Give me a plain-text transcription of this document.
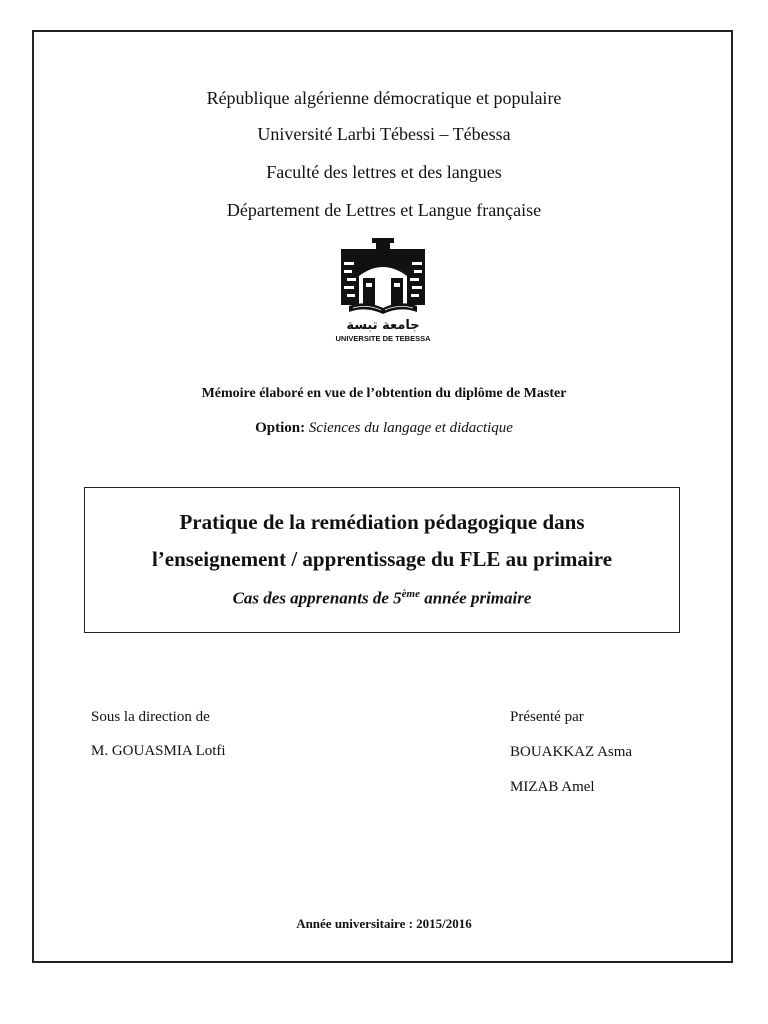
République algérienne démocratique et populaire
Université Larbi Tébessi – Tébessa
Faculté des lettres et des langues
Département de Lettres et Langue française
جامعة تبسة
UNIVERSITE DE TEBESSA
Mémoire élaboré en vue de l’obtention du diplôme de Master
Option: Sciences du langage et didactique
Pratique de la remédiation pédagogique dans
l’enseignement / apprentissage du FLE au primaire
Cas des apprenants de 5ème année primaire
Sous la direction de
M. GOUASMIA Lotfi
Présenté par
BOUAKKAZ Asma
MIZAB Amel
Année universitaire : 2015/2016
